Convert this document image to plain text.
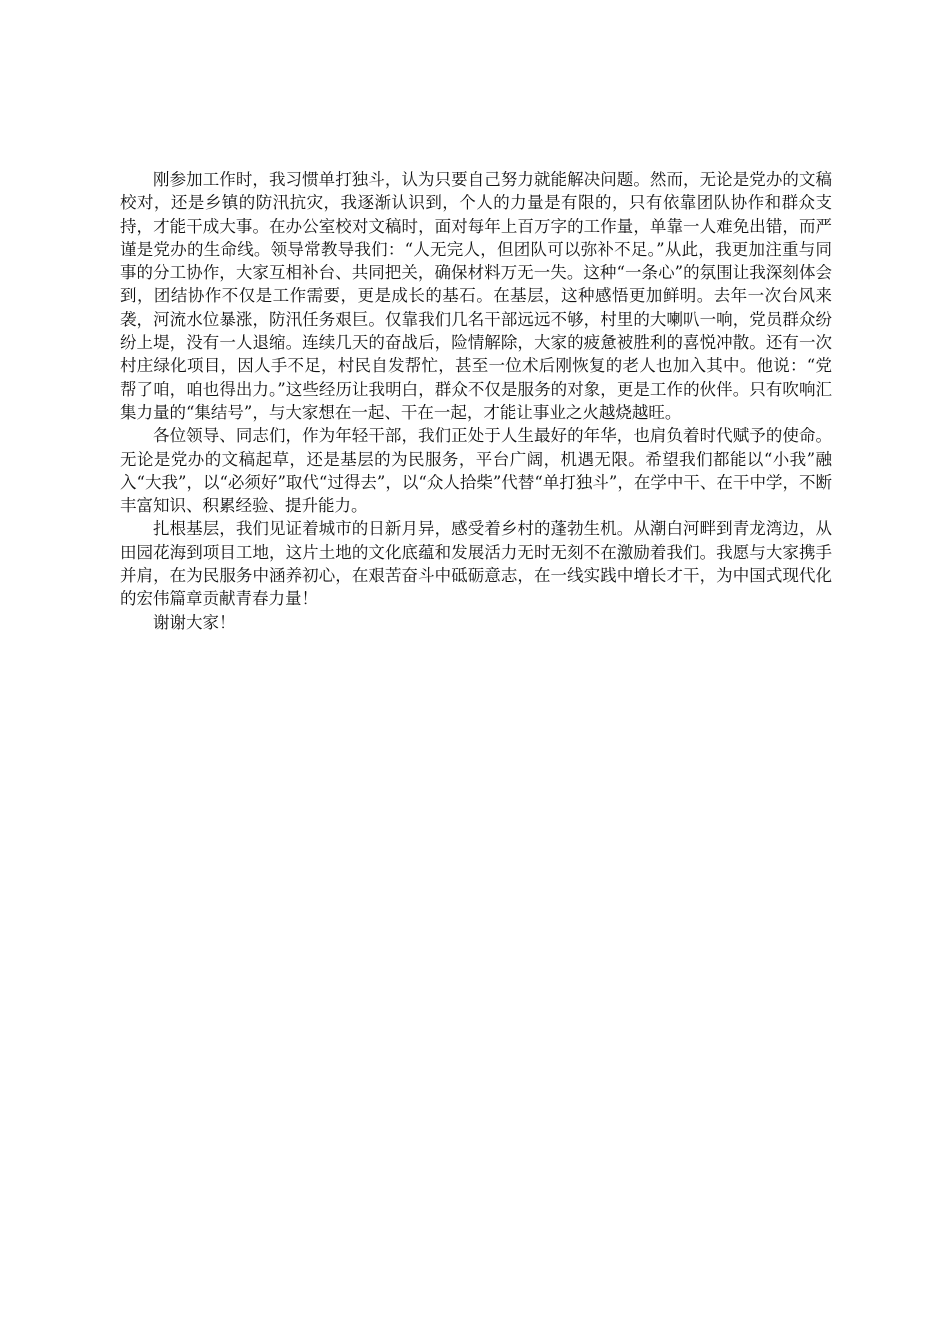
刚参加工作时，我习惯单打独斗，认为只要自己努力就能解决问题。然而，无论是党办的文稿校对，还是乡镇的防汛抗灾，我逐渐认识到，个人的力量是有限的，只有依靠团队协作和群众支持，才能干成大事。在办公室校对文稿时，面对每年上百万字的工作量，单靠一人难免出错，而严谨是党办的生命线。领导常教导我们：“人无完人，但团队可以弥补不足。”从此，我更加注重与同事的分工协作，大家互相补台、共同把关，确保材料万无一失。这种“一条心”的氛围让我深刻体会到，团结协作不仅是工作需要，更是成长的基石。在基层，这种感悟更加鲜明。去年一次台风来袭，河流水位暴涨，防汛任务艰巨。仅靠我们几名干部远远不够，村里的大喇叭一响，党员群众纷纷上堤，没有一人退缩。连续几天的奋战后，险情解除，大家的疲惫被胜利的喜悦冲散。还有一次村庄绿化项目，因人手不足，村民自发帮忙，甚至一位术后刚恢复的老人也加入其中。他说：“党帮了咱，咱也得出力。”这些经历让我明白，群众不仅是服务的对象，更是工作的伙伴。只有吹响汇集力量的“集结号”，与大家想在一起、干在一起，才能让事业之火越烧越旺。

各位领导、同志们，作为年轻干部，我们正处于人生最好的年华，也肩负着时代赋予的使命。无论是党办的文稿起草，还是基层的为民服务，平台广阔，机遇无限。希望我们都能以“小我”融入“大我”，以“必须好”取代“过得去”，以“众人拾柴”代替“单打独斗”，在学中干、在干中学，不断丰富知识、积累经验、提升能力。

扎根基层，我们见证着城市的日新月异，感受着乡村的蓬勃生机。从潮白河畔到青龙湾边，从田园花海到项目工地，这片土地的文化底蕴和发展活力无时无刻不在激励着我们。我愿与大家携手并肩，在为民服务中涵养初心，在艰苦奋斗中砥砺意志，在一线实践中增长才干，为中国式现代化的宏伟篇章贡献青春力量！

谢谢大家！
